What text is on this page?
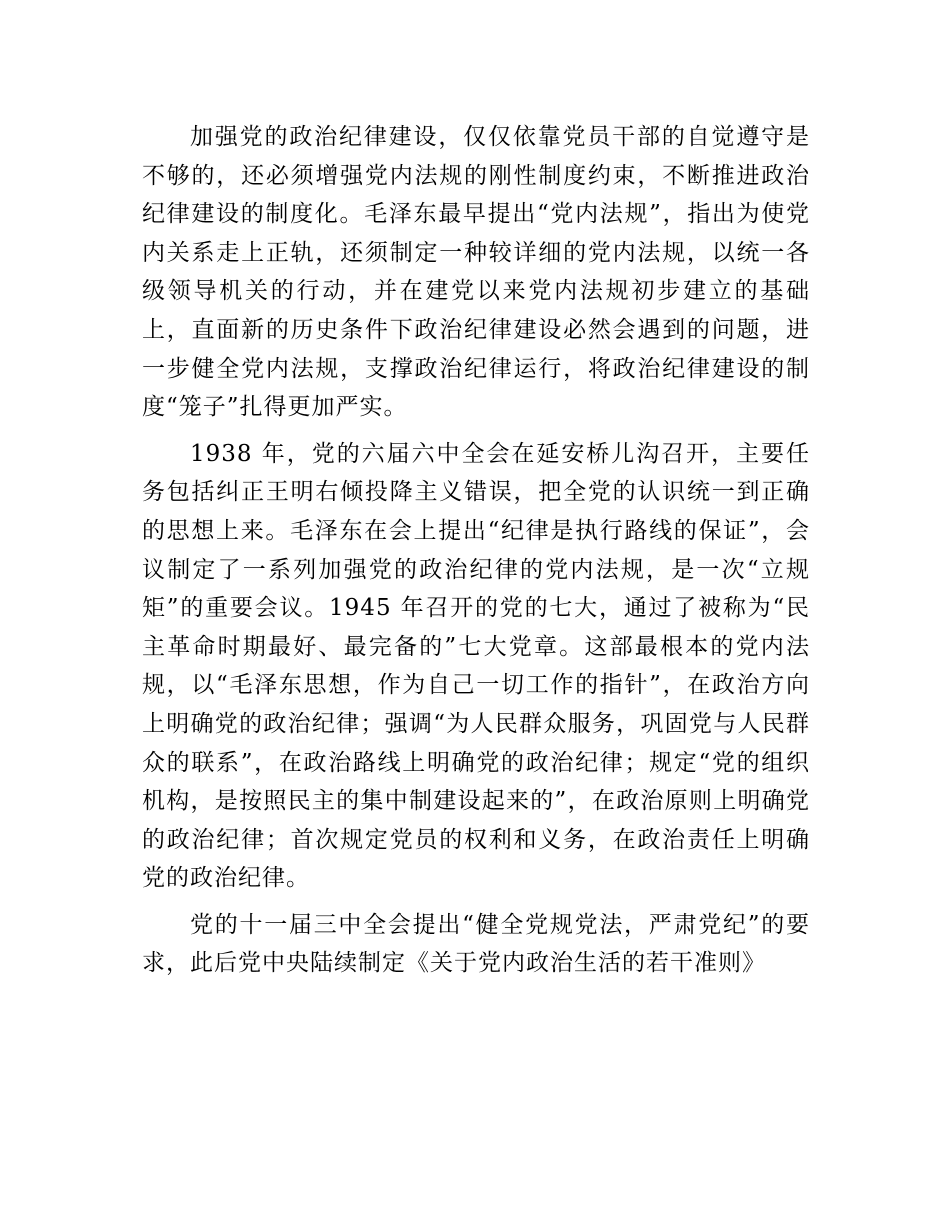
加强党的政治纪律建设，仅仅依靠党员干部的自觉遵守是不够的，还必须增强党内法规的刚性制度约束，不断推进政治纪律建设的制度化。毛泽东最早提出“党内法规”，指出为使党内关系走上正轨，还须制定一种较详细的党内法规，以统一各级领导机关的行动，并在建党以来党内法规初步建立的基础上，直面新的历史条件下政治纪律建设必然会遇到的问题，进一步健全党内法规，支撑政治纪律运行，将政治纪律建设的制度“笼子”扎得更加严实。

1938 年，党的六届六中全会在延安桥儿沟召开，主要任务包括纠正王明右倾投降主义错误，把全党的认识统一到正确的思想上来。毛泽东在会上提出“纪律是执行路线的保证”，会议制定了一系列加强党的政治纪律的党内法规，是一次“立规矩”的重要会议。1945 年召开的党的七大，通过了被称为“民主革命时期最好、最完备的”七大党章。这部最根本的党内法规，以“毛泽东思想，作为自己一切工作的指针”，在政治方向上明确党的政治纪律；强调“为人民群众服务，巩固党与人民群众的联系”，在政治路线上明确党的政治纪律；规定“党的组织机构，是按照民主的集中制建设起来的”，在政治原则上明确党的政治纪律；首次规定党员的权利和义务，在政治责任上明确党的政治纪律。

党的十一届三中全会提出“健全党规党法，严肃党纪”的要求，此后党中央陆续制定《关于党内政治生活的若干准则》
